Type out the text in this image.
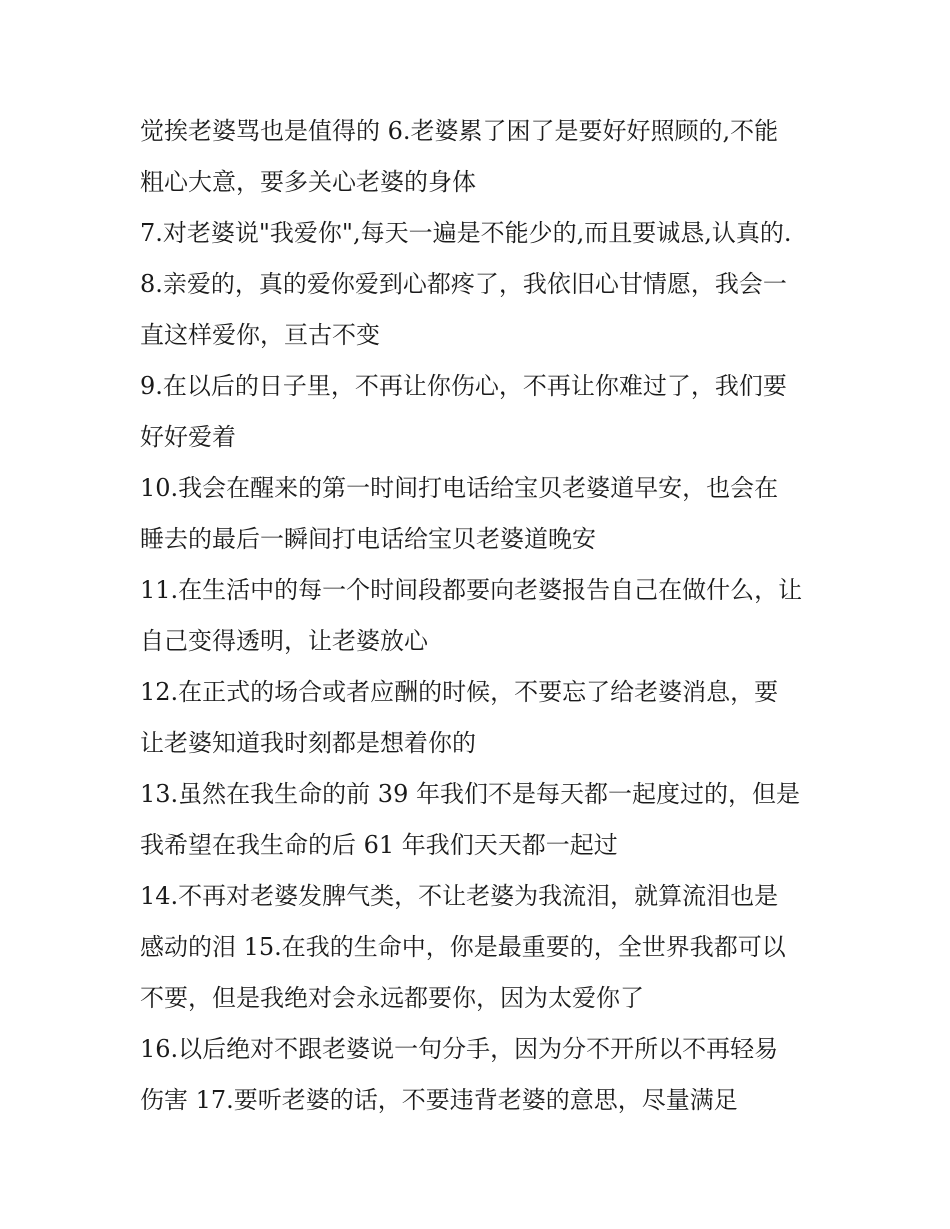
觉挨老婆骂也是值得的 6.老婆累了困了是要好好照顾的,不能
粗心大意，要多关心老婆的身体
7.对老婆说"我爱你",每天一遍是不能少的,而且要诚恳,认真的.
8.亲爱的，真的爱你爱到心都疼了，我依旧心甘情愿，我会一
直这样爱你，亘古不变
9.在以后的日子里，不再让你伤心，不再让你难过了，我们要
好好爱着
10.我会在醒来的第一时间打电话给宝贝老婆道早安，也会在
睡去的最后一瞬间打电话给宝贝老婆道晚安
11.在生活中的每一个时间段都要向老婆报告自己在做什么，让
自己变得透明，让老婆放心
12.在正式的场合或者应酬的时候，不要忘了给老婆消息，要
让老婆知道我时刻都是想着你的
13.虽然在我生命的前 39 年我们不是每天都一起度过的，但是
我希望在我生命的后 61 年我们天天都一起过
14.不再对老婆发脾气类，不让老婆为我流泪，就算流泪也是
感动的泪 15.在我的生命中，你是最重要的，全世界我都可以
不要，但是我绝对会永远都要你，因为太爱你了
16.以后绝对不跟老婆说一句分手，因为分不开所以不再轻易
伤害 17.要听老婆的话，不要违背老婆的意思，尽量满足
